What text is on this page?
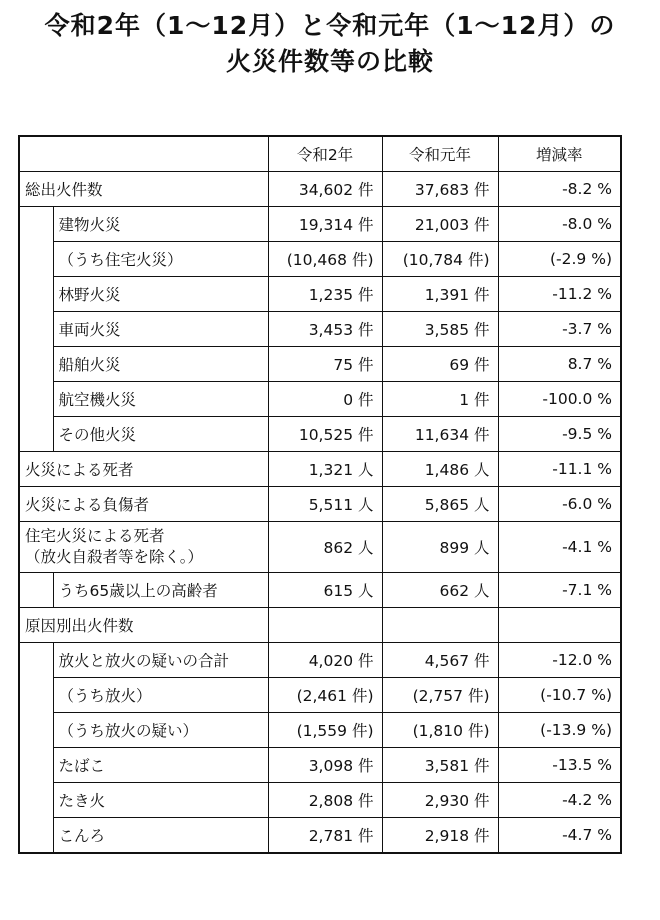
令和2年（1～12月）と令和元年（1～12月）の
火災件数等の比較
		令和2年	令和元年	増減率
総出火件数		34,602 件	37,683 件	-8.2 %
	建物火災	19,314 件	21,003 件	-8.0 %
	（うち住宅火災）	(10,468 件)	(10,784 件)	(-2.9 %)
	林野火災	1,235 件	1,391 件	-11.2 %
	車両火災	3,453 件	3,585 件	-3.7 %
	船舶火災	75 件	69 件	8.7 %
	航空機火災	0 件	1 件	-100.0 %
	その他火災	10,525 件	11,634 件	-9.5 %
火災による死者		1,321 人	1,486 人	-11.1 %
火災による負傷者		5,511 人	5,865 人	-6.0 %

住宅火災による死者
（放火自殺者等を除く。）		862 人	899 人	-4.1 %
	うち65歳以上の高齢者	615 人	662 人	-7.1 %
原因別出火件数				
	放火と放火の疑いの合計	4,020 件	4,567 件	-12.0 %
	（うち放火）	(2,461 件)	(2,757 件)	(-10.7 %)
	（うち放火の疑い）	(1,559 件)	(1,810 件)	(-13.9 %)
	たばこ	3,098 件	3,581 件	-13.5 %
	たき火	2,808 件	2,930 件	-4.2 %
	こんろ	2,781 件	2,918 件	-4.7 %
